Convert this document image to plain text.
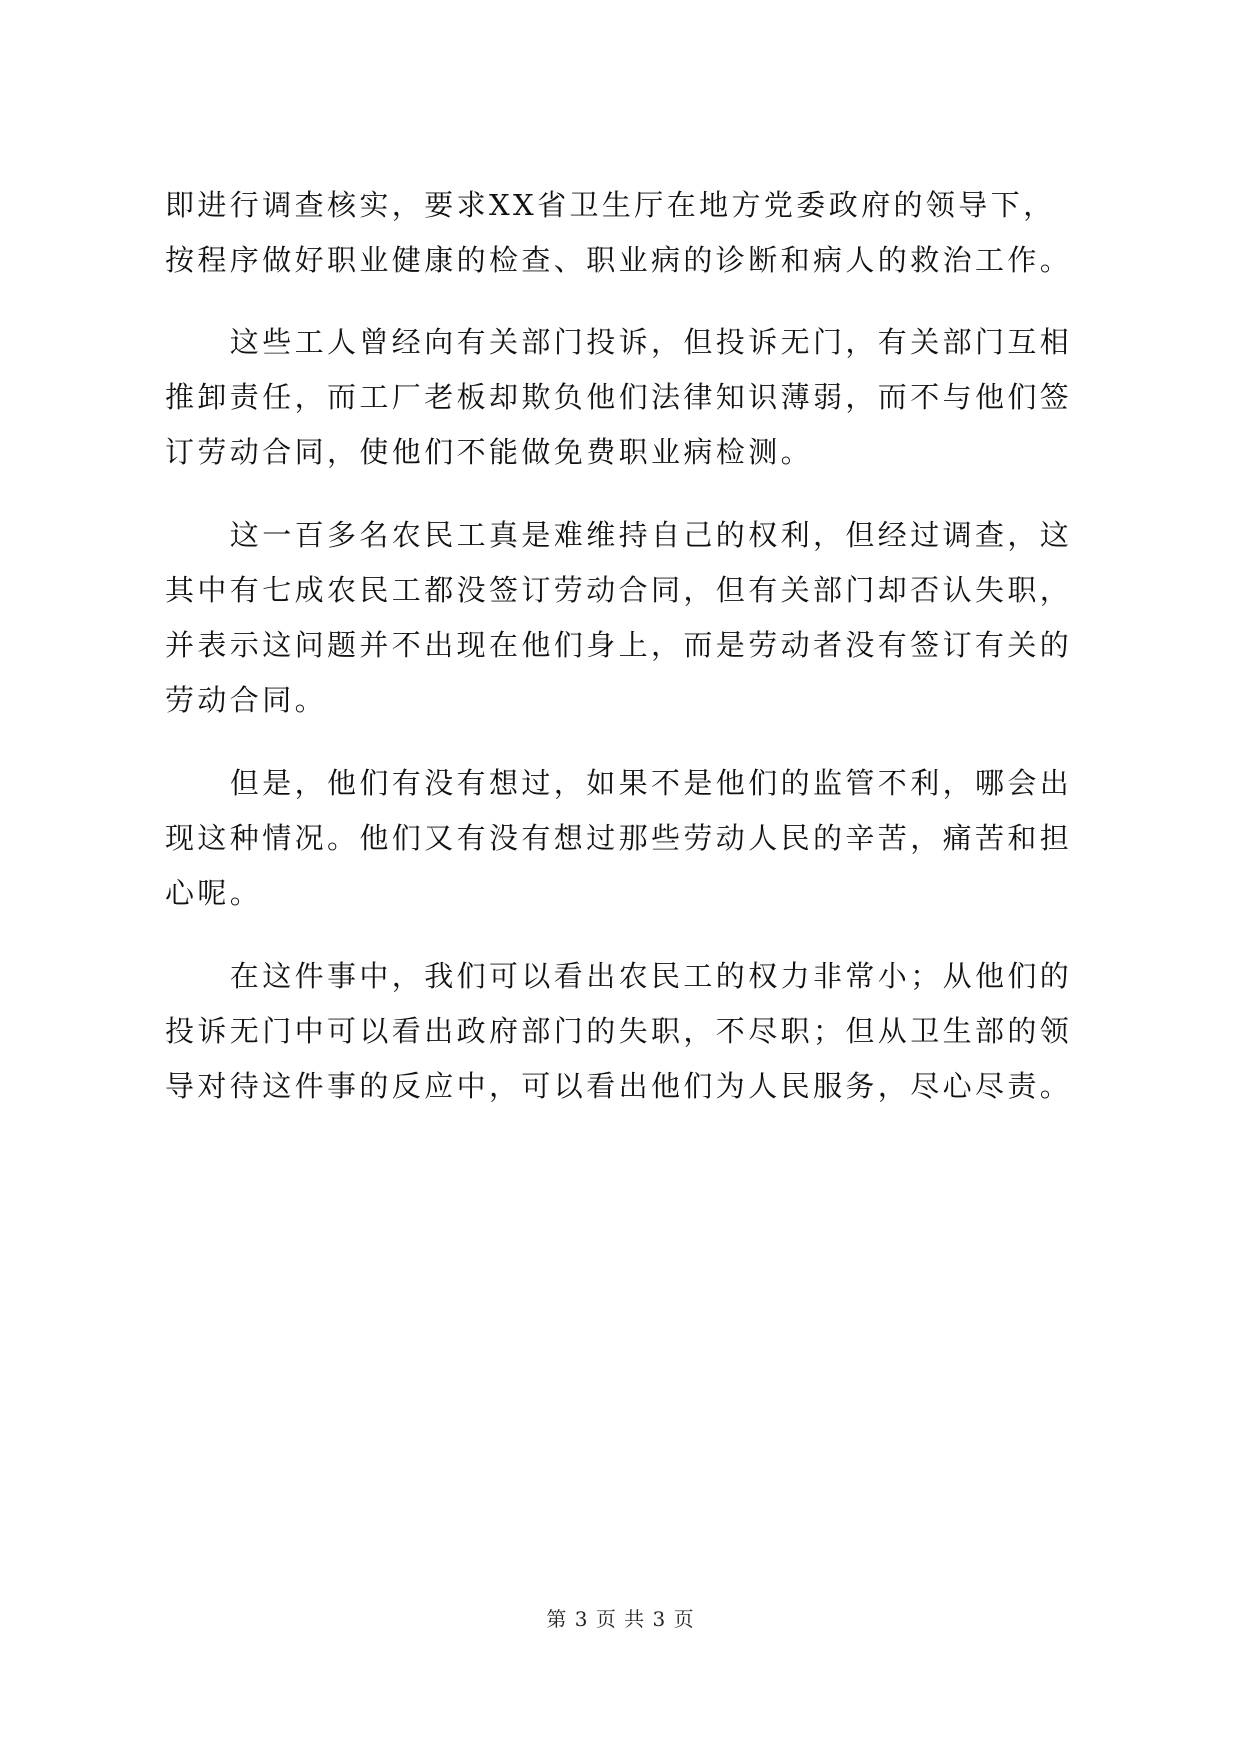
即进行调查核实，要求XX省卫生厅在地方党委政府的领导下，

按程序做好职业健康的检查、职业病的诊断和病人的救治工作。

　　这些工人曾经向有关部门投诉，但投诉无门，有关部门互相

推卸责任，而工厂老板却欺负他们法律知识薄弱，而不与他们签

订劳动合同，使他们不能做免费职业病检测。

　　这一百多名农民工真是难维持自己的权利，但经过调查，这

其中有七成农民工都没签订劳动合同，但有关部门却否认失职，

并表示这问题并不出现在他们身上，而是劳动者没有签订有关的

劳动合同。

　　但是，他们有没有想过，如果不是他们的监管不利，哪会出

现这种情况。他们又有没有想过那些劳动人民的辛苦，痛苦和担

心呢。

　　在这件事中，我们可以看出农民工的权力非常小；从他们的

投诉无门中可以看出政府部门的失职，不尽职；但从卫生部的领

导对待这件事的反应中，可以看出他们为人民服务，尽心尽责。

第 3 页 共 3 页
